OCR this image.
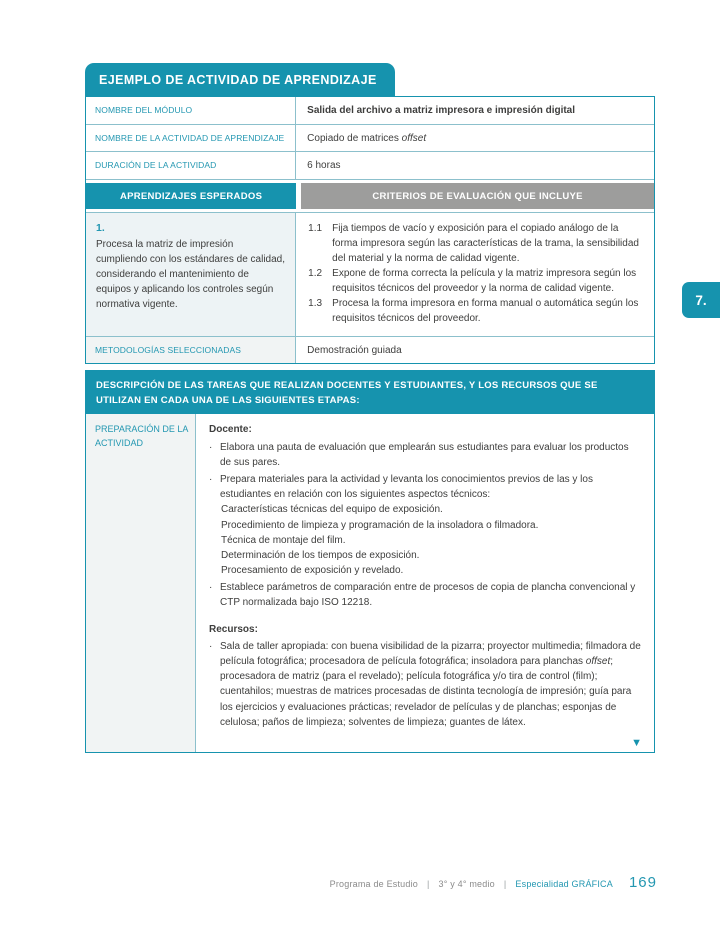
EJEMPLO DE ACTIVIDAD DE APRENDIZAJE
NOMBRE DEL MÓDULO	Salida del archivo a matriz impresora e impresión digital
NOMBRE DE LA ACTIVIDAD DE APRENDIZAJE	Copiado de matrices offset
DURACIÓN DE LA ACTIVIDAD	6 horas
APRENDIZAJES ESPERADOS	CRITERIOS DE EVALUACIÓN QUE INCLUYE
1.
Procesa la matriz de impresión cumpliendo con los estándares de calidad, considerando el mantenimiento de equipos y aplicando los controles según normativa vigente.
1.1	Fija tiempos de vacío y exposición para el copiado análogo de la forma impresora según las características de la trama, la sensibilidad del material y la norma de calidad vigente.
1.2	Expone de forma correcta la película y la matriz impresora según los requisitos técnicos del proveedor y la norma de calidad vigente.
1.3	Procesa la forma impresora en forma manual o automática según los requisitos técnicos del proveedor.
METODOLOGÍAS SELECCIONADAS	Demostración guiada
DESCRIPCIÓN DE LAS TAREAS QUE REALIZAN DOCENTES Y ESTUDIANTES, Y LOS RECURSOS QUE SE UTILIZAN EN CADA UNA DE LAS SIGUIENTES ETAPAS:
PREPARACIÓN DE LA ACTIVIDAD
Docente:
· Elabora una pauta de evaluación que emplearán sus estudiantes para evaluar los productos de sus pares.
· Prepara materiales para la actividad y levanta los conocimientos previos de las y los estudiantes en relación con los siguientes aspectos técnicos:
Características técnicas del equipo de exposición.
Procedimiento de limpieza y programación de la insoladora o filmadora.
Técnica de montaje del film.
Determinación de los tiempos de exposición.
Procesamiento de exposición y revelado.
· Establece parámetros de comparación entre de procesos de copia de plancha convencional y CTP normalizada bajo ISO 12218.
Recursos:
· Sala de taller apropiada: con buena visibilidad de la pizarra; proyector multimedia; filmadora de película fotográfica; procesadora de película fotográfica; insoladora para planchas offset; procesadora de matriz (para el revelado); película fotográfica y/o tira de control (film); cuentahilos; muestras de matrices procesadas de distinta tecnología de impresión; guía para los ejercicios y evaluaciones prácticas; revelador de películas y de planchas; esponjas de celulosa; paños de limpieza; solventes de limpieza; guantes de látex.
▼
7.
Programa de Estudio | 3° y 4° medio | Especialidad GRÁFICA 169
